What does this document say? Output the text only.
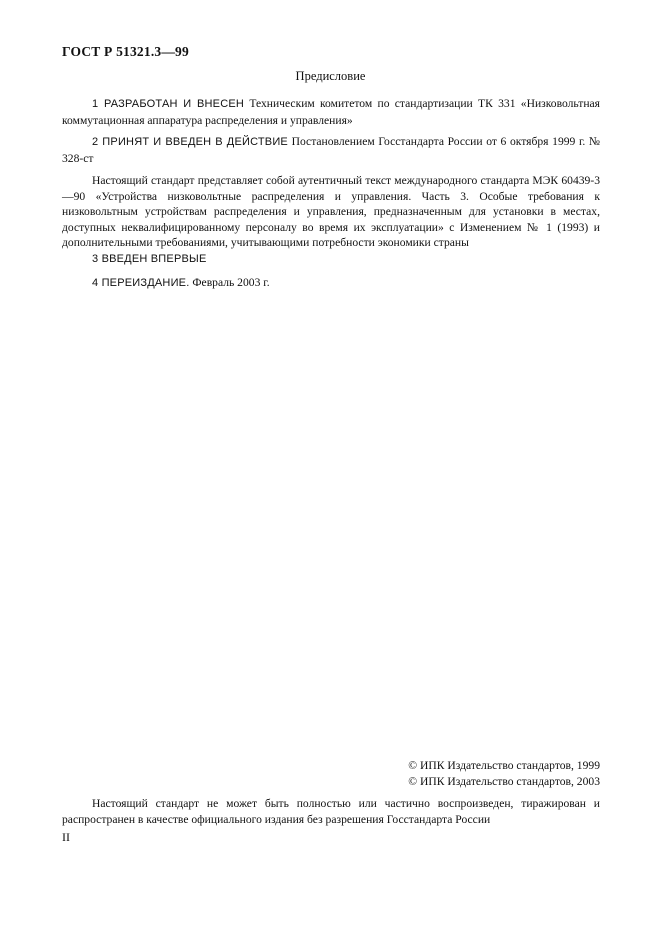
ГОСТ Р 51321.3—99
Предисловие

1 РАЗРАБОТАН И ВНЕСЕН Техническим комитетом по стандартизации ТК 331 «Низковольтная коммутационная аппаратура распределения и управления»

2 ПРИНЯТ И ВВЕДЕН В ДЕЙСТВИЕ Постановлением Госстандарта России от 6 октября 1999 г. № 328-ст

Настоящий стандарт представляет собой аутентичный текст международного стандарта МЭК 60439-3—90 «Устройства низковольтные распределения и управления. Часть 3. Особые требования к низковольтным устройствам распределения и управления, предназначенным для установки в местах, доступных неквалифицированному персоналу во время их эксплуатации» с Изменением № 1 (1993) и дополнительными требованиями, учитывающими потребности экономики страны

3 ВВЕДЕН ВПЕРВЫЕ

4 ПЕРЕИЗДАНИЕ. Февраль 2003 г.

© ИПК Издательство стандартов, 1999
© ИПК Издательство стандартов, 2003

Настоящий стандарт не может быть полностью или частично воспроизведен, тиражирован и распространен в качестве официального издания без разрешения Госстандарта России

II
